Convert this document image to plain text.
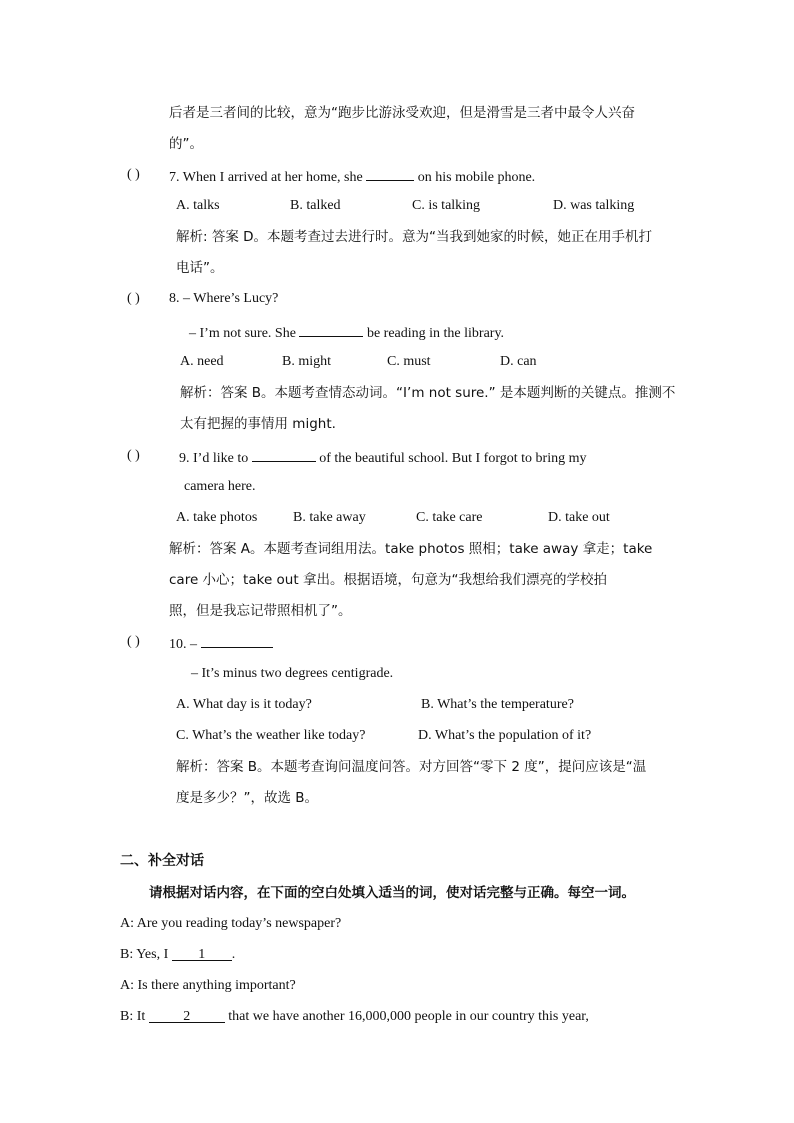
后者是三者间的比较，意为“跑步比游泳受欢迎，但是滑雪是三者中最令人兴奋
的”。
( ) 7. When I arrived at her home, she	on his mobile phone.
A. talks	B. talked	C. is talking	D. was talking
解析: 答案 D。本题考查过去进行时。意为“当我到她家的时候，她正在用手机打
电话”。
( ) 8. – Where’s Lucy?
– I’m not sure. She	be reading in the library.
A. need	B. might	C. must	D. can
解析：答案 B。本题考查情态动词。“I’m not sure.” 是本题判断的关键点。推测不
太有把握的事情用 might.
( )	9. I’d like to	of the beautiful school. But I forgot to bring my
camera here.
A. take photos	B. take away	C. take care	D. take out
解析：答案 A。本题考查词组用法。take photos 照相；take away 拿走；take
care 小心；take out 拿出。根据语境，句意为“我想给我们漂亮的学校拍
照，但是我忘记带照相机了”。
( ) 10. –
– It’s minus two degrees centigrade.
A. What day is it today?	B. What’s the temperature?
C. What’s the weather like today?	D. What’s the population of it?
解析：答案 B。本题考查询问温度问答。对方回答“零下 2 度”，提问应该是“温
度是多少？”，故选 B。
二、补全对话
请根据对话内容，在下面的空白处填入适当的词，使对话完整与正确。每空一词。
A: Are you reading today’s newspaper?
B: Yes, I 1 .
A: Is there anything important?
B: It	2	that we have another 16,000,000 people in our country this year,
